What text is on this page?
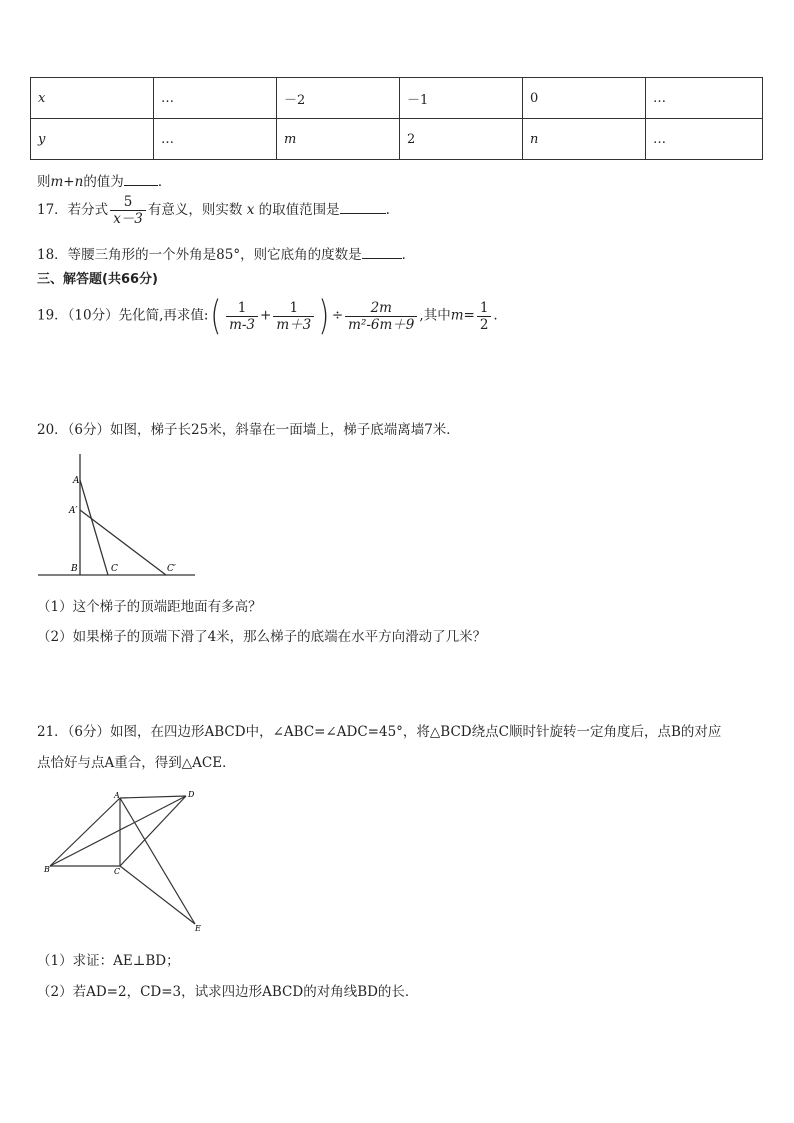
x	…	－2	－1	0	…
y	…	m	2	n	…
则m+n的值为	．
17．若分式 $\frac{5}{x-3}$ 有意义，则实数 x 的取值范围是	.
18．等腰三角形的一个外角是85°，则它底角的度数是	．
三、解答题(共66分)
19．（10分）先化简,再求值:( $\frac{1}{m-3} + \frac{1}{m+3}$ ) ÷ $\frac{2m}{\text{m²-6m＋9}}$ ,其中$m= \frac{1}{2}$ .
20．（6分）如图，梯子长25米，斜靠在一面墙上，梯子底端离墙7米．
A
A′
B	C	C′
（1）这个梯子的顶端距地面有多高？
（2）如果梯子的顶端下滑了4米，那么梯子的底端在水平方向滑动了几米？
21．（6分）如图，在四边形ABCD中，∠ABC=∠ADC=45°，将△BCD绕点C顺时针旋转一定角度后，点B的对应
点恰好与点A重合，得到△ACE．
A	D
B	C
E
（1）求证：AE⊥BD；
（2）若AD=2，CD=3，试求四边形ABCD的对角线BD的长．
